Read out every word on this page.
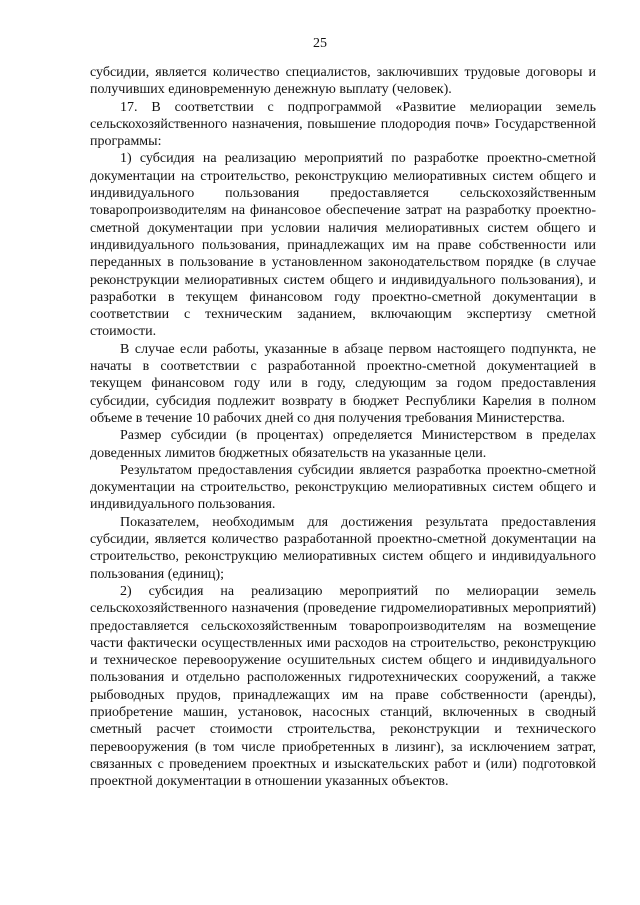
25

субсидии, является количество специалистов, заключивших трудовые договоры и получивших единовременную денежную выплату (человек).

17. В соответствии с подпрограммой «Развитие мелиорации земель сельскохозяйственного назначения, повышение плодородия почв» Государственной программы:

1) субсидия на реализацию мероприятий по разработке проектно-сметной документации на строительство, реконструкцию мелиоративных систем общего и индивидуального пользования предоставляется сельскохозяйственным товаропроизводителям на финансовое обеспечение затрат на разработку проектно-сметной документации при условии наличия мелиоративных систем общего и индивидуального пользования, принадлежащих им на праве собственности или переданных в пользование в установленном законодательством порядке (в случае реконструкции мелиоративных систем общего и индивидуального пользования), и разработки в текущем финансовом году проектно-сметной документации в соответствии с техническим заданием, включающим экспертизу сметной стоимости.

В случае если работы, указанные в абзаце первом настоящего подпункта, не начаты в соответствии с разработанной проектно-сметной документацией в текущем финансовом году или в году, следующим за годом предоставления субсидии, субсидия подлежит возврату в бюджет Республики Карелия в полном объеме в течение 10 рабочих дней со дня получения требования Министерства.

Размер субсидии (в процентах) определяется Министерством в пределах доведенных лимитов бюджетных обязательств на указанные цели.

Результатом предоставления субсидии является разработка проектно-сметной документации на строительство, реконструкцию мелиоративных систем общего и индивидуального пользования.

Показателем, необходимым для достижения результата предоставления субсидии, является количество разработанной проектно-сметной документации на строительство, реконструкцию мелиоративных систем общего и индивидуального пользования (единиц);

2) субсидия на реализацию мероприятий по мелиорации земель сельскохозяйственного назначения (проведение гидромелиоративных мероприятий) предоставляется сельскохозяйственным товаропроизводителям на возмещение части фактически осуществленных ими расходов на строительство, реконструкцию и техническое перевооружение осушительных систем общего и индивидуального пользования и отдельно расположенных гидротехнических сооружений, а также рыбоводных прудов, принадлежащих им на праве собственности (аренды), приобретение машин, установок, насосных станций, включенных в сводный сметный расчет стоимости строительства, реконструкции и технического перевооружения (в том числе приобретенных в лизинг), за исключением затрат, связанных с проведением проектных и изыскательских работ и (или) подготовкой проектной документации в отношении указанных объектов.
